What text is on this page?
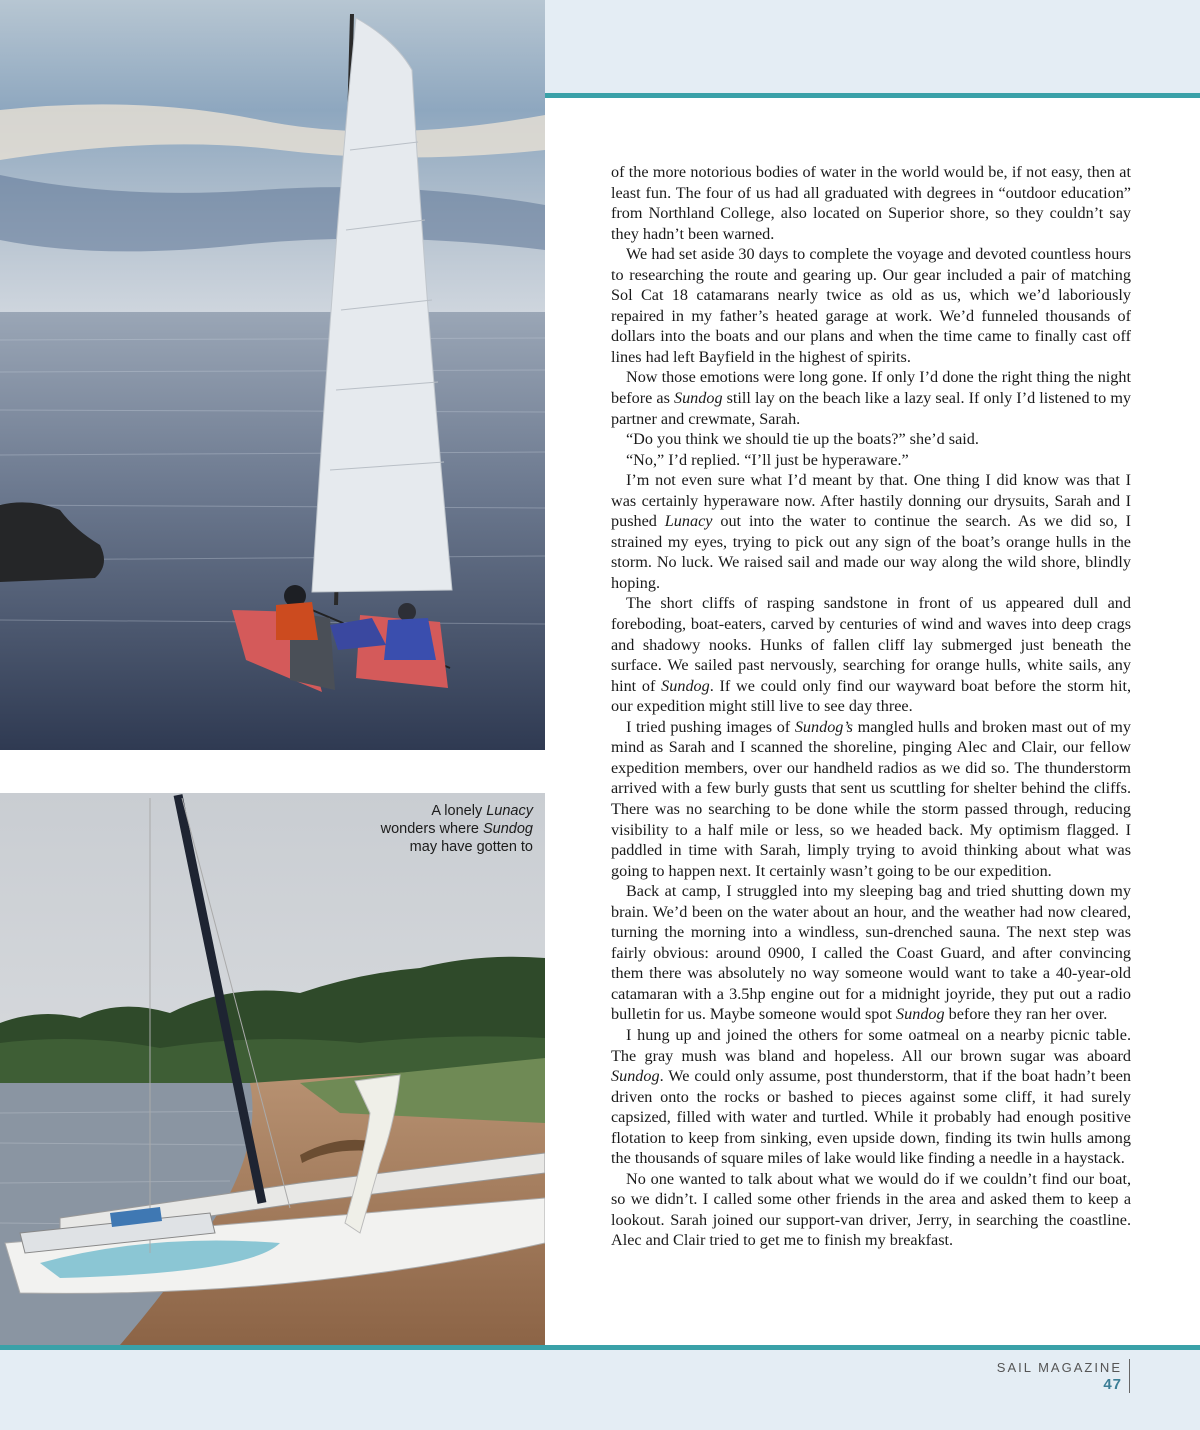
A lonely Lunacy wonders where Sundog may have gotten to

of the more notorious bodies of water in the world would be, if not easy, then at least fun. The four of us had all graduated with degrees in “outdoor education” from Northland College, also located on Superior shore, so they couldn’t say they hadn’t been warned.

We had set aside 30 days to complete the voyage and devoted countless hours to researching the route and gearing up. Our gear included a pair of matching Sol Cat 18 catamarans nearly twice as old as us, which we’d laboriously repaired in my father’s heated garage at work. We’d funneled thousands of dollars into the boats and our plans and when the time came to finally cast off lines had left Bayfield in the highest of spirits.

Now those emotions were long gone. If only I’d done the right thing the night before as Sundog still lay on the beach like a lazy seal. If only I’d listened to my partner and crewmate, Sarah.

“Do you think we should tie up the boats?” she’d said.

“No,” I’d replied. “I’ll just be hyperaware.”

I’m not even sure what I’d meant by that. One thing I did know was that I was certainly hyperaware now. After hastily donning our drysuits, Sarah and I pushed Lunacy out into the water to continue the search. As we did so, I strained my eyes, trying to pick out any sign of the boat’s orange hulls in the storm. No luck. We raised sail and made our way along the wild shore, blindly hoping.

The short cliffs of rasping sandstone in front of us appeared dull and foreboding, boat-eaters, carved by centuries of wind and waves into deep crags and shadowy nooks. Hunks of fallen cliff lay submerged just beneath the surface. We sailed past nervously, searching for orange hulls, white sails, any hint of Sundog. If we could only find our wayward boat before the storm hit, our expedition might still live to see day three.

I tried pushing images of Sundog’s mangled hulls and broken mast out of my mind as Sarah and I scanned the shoreline, pinging Alec and Clair, our fellow expedition members, over our handheld radios as we did so. The thunderstorm arrived with a few burly gusts that sent us scuttling for shelter behind the cliffs. There was no searching to be done while the storm passed through, reducing visibility to a half mile or less, so we headed back. My optimism flagged. I paddled in time with Sarah, limply trying to avoid thinking about what was going to happen next. It certainly wasn’t going to be our expedition.

Back at camp, I struggled into my sleeping bag and tried shutting down my brain. We’d been on the water about an hour, and the weather had now cleared, turning the morning into a windless, sun-drenched sauna. The next step was fairly obvious: around 0900, I called the Coast Guard, and after convincing them there was absolutely no way someone would want to take a 40-year-old catamaran with a 3.5hp engine out for a midnight joyride, they put out a radio bulletin for us. Maybe someone would spot Sundog before they ran her over.

I hung up and joined the others for some oatmeal on a nearby picnic table. The gray mush was bland and hopeless. All our brown sugar was aboard Sundog. We could only assume, post thunderstorm, that if the boat hadn’t been driven onto the rocks or bashed to pieces against some cliff, it had surely capsized, filled with water and turtled. While it probably had enough positive flotation to keep from sinking, even upside down, finding its twin hulls among the thousands of square miles of lake would like finding a needle in a haystack.

No one wanted to talk about what we would do if we couldn’t find our boat, so we didn’t. I called some other friends in the area and asked them to keep a lookout. Sarah joined our support-van driver, Jerry, in searching the coastline. Alec and Clair tried to get me to finish my breakfast.

SAIL MAGAZINE
47
